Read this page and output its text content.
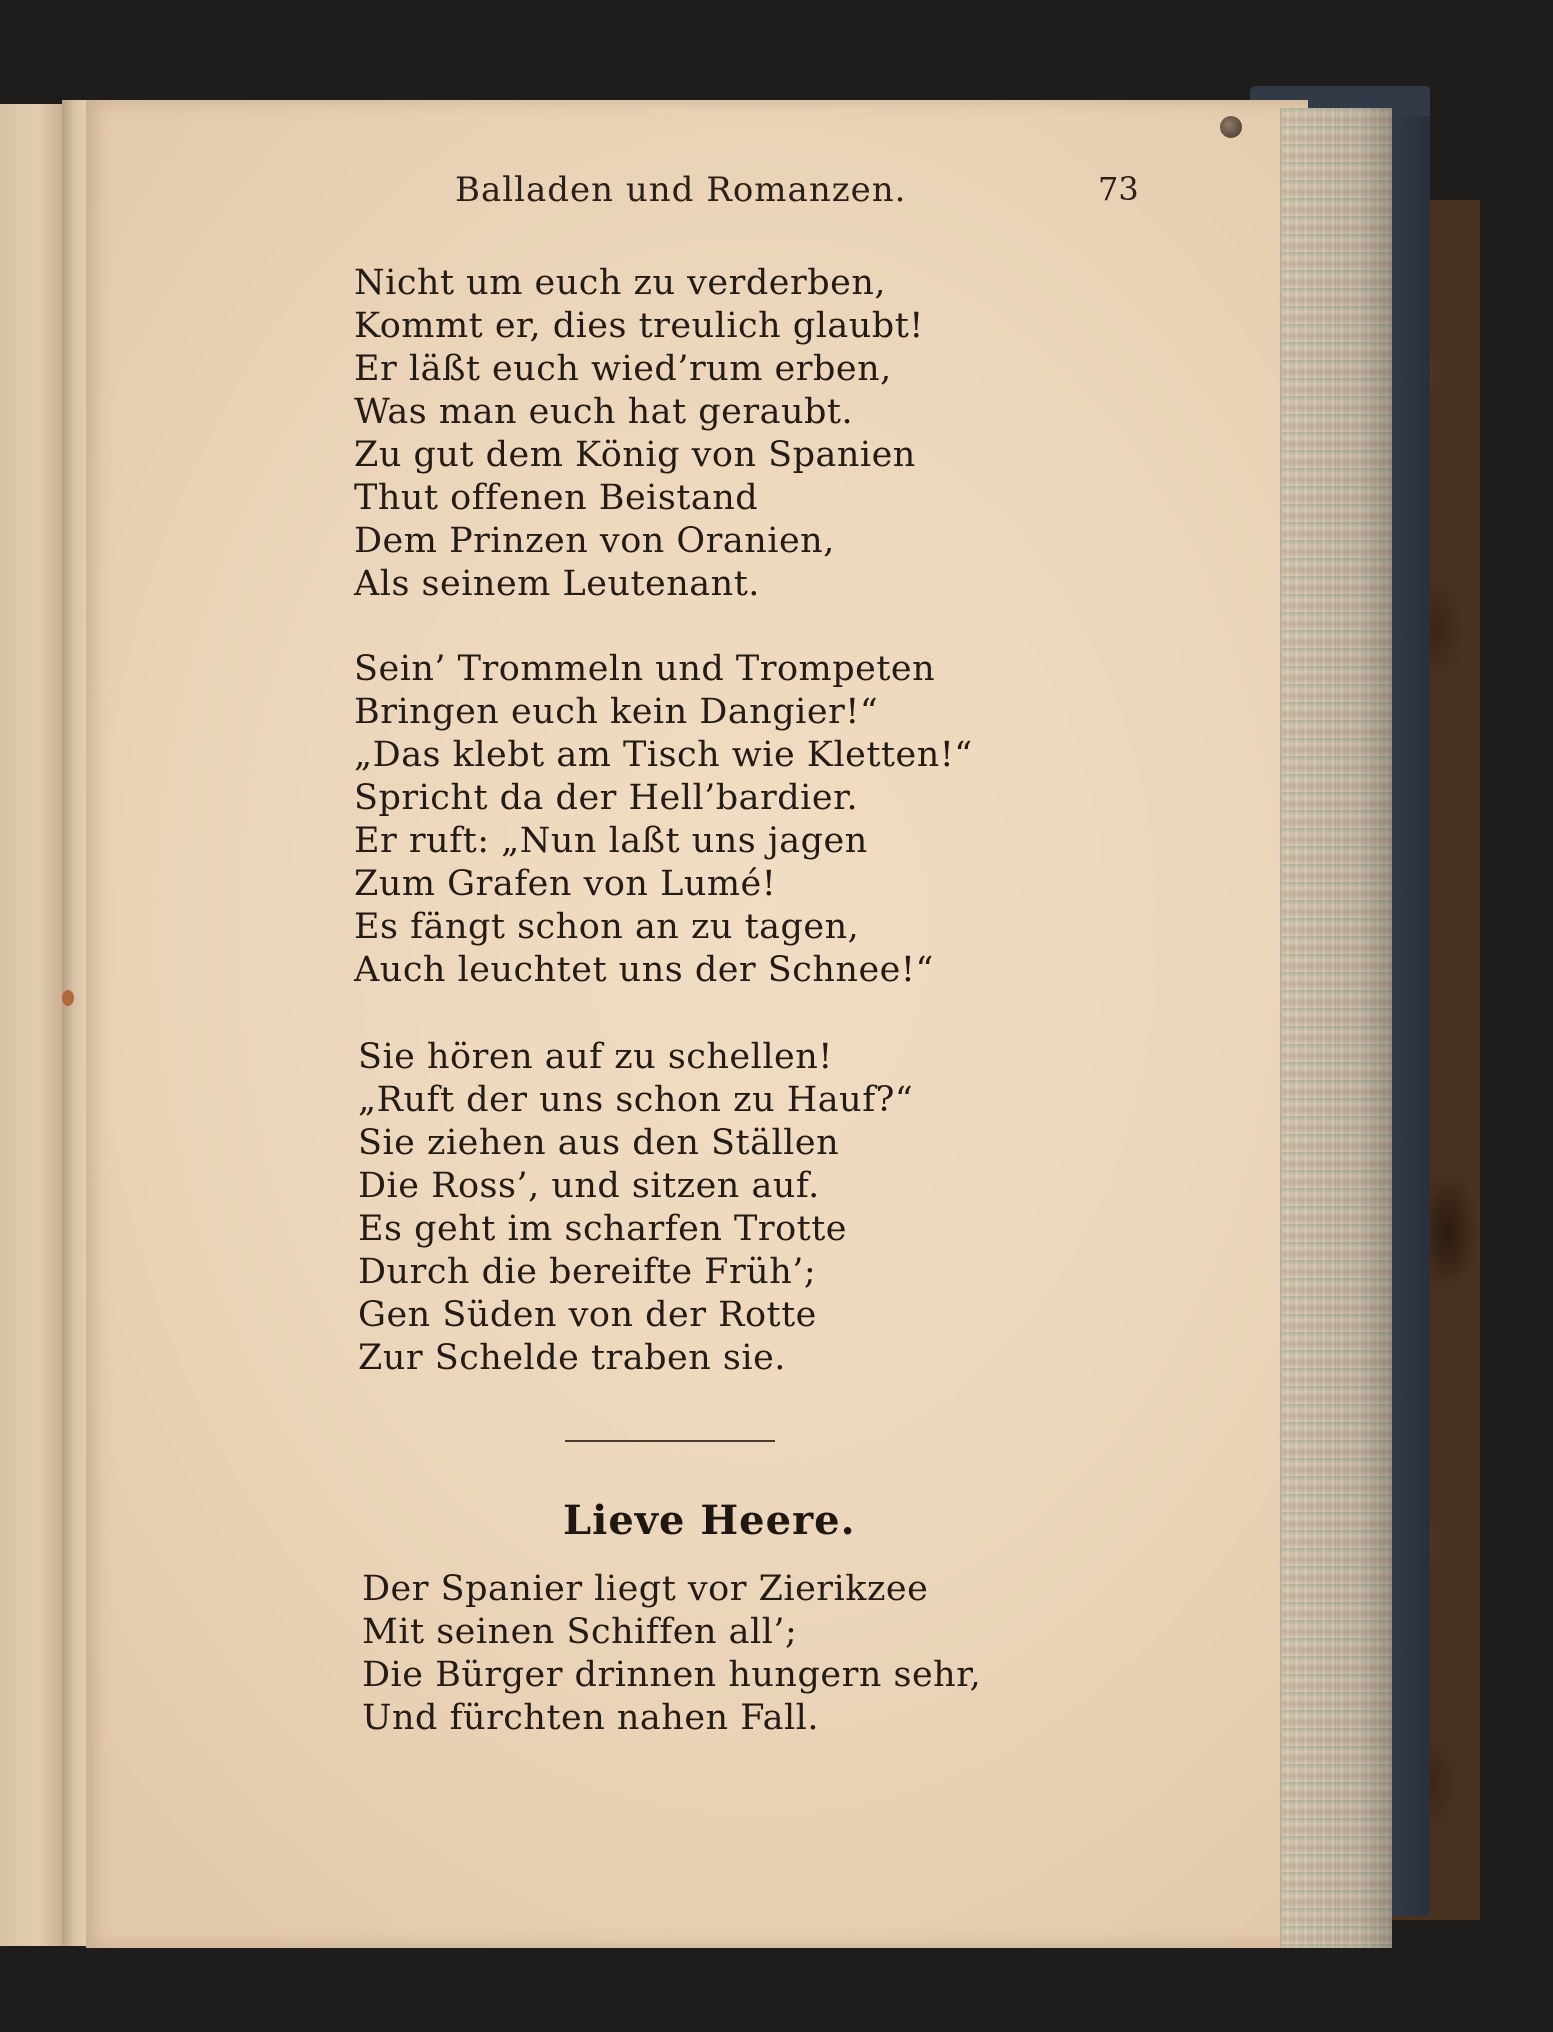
Balladen und Romanzen.	73
Nicht um euch zu verderben,
Kommt er, dies treulich glaubt!
Er läßt euch wied’rum erben,
Was man euch hat geraubt.
Zu gut dem König von Spanien
Thut offenen Beistand
Dem Prinzen von Oranien,
Als seinem Leutenant.
Sein’ Trommeln und Trompeten
Bringen euch kein Dangier!“
„Das klebt am Tisch wie Kletten!“
Spricht da der Hell’bardier.
Er ruft: „Nun laßt uns jagen
Zum Grafen von Lumé!
Es fängt schon an zu tagen,
Auch leuchtet uns der Schnee!“
Sie hören auf zu schellen!
„Ruft der uns schon zu Hauf?“
Sie ziehen aus den Ställen
Die Ross’, und sitzen auf.
Es geht im scharfen Trotte
Durch die bereifte Früh’;
Gen Süden von der Rotte
Zur Schelde traben sie.
Lieve Heere.
Der Spanier liegt vor Zierikzee
Mit seinen Schiffen all’;
Die Bürger drinnen hungern sehr,
Und fürchten nahen Fall.
